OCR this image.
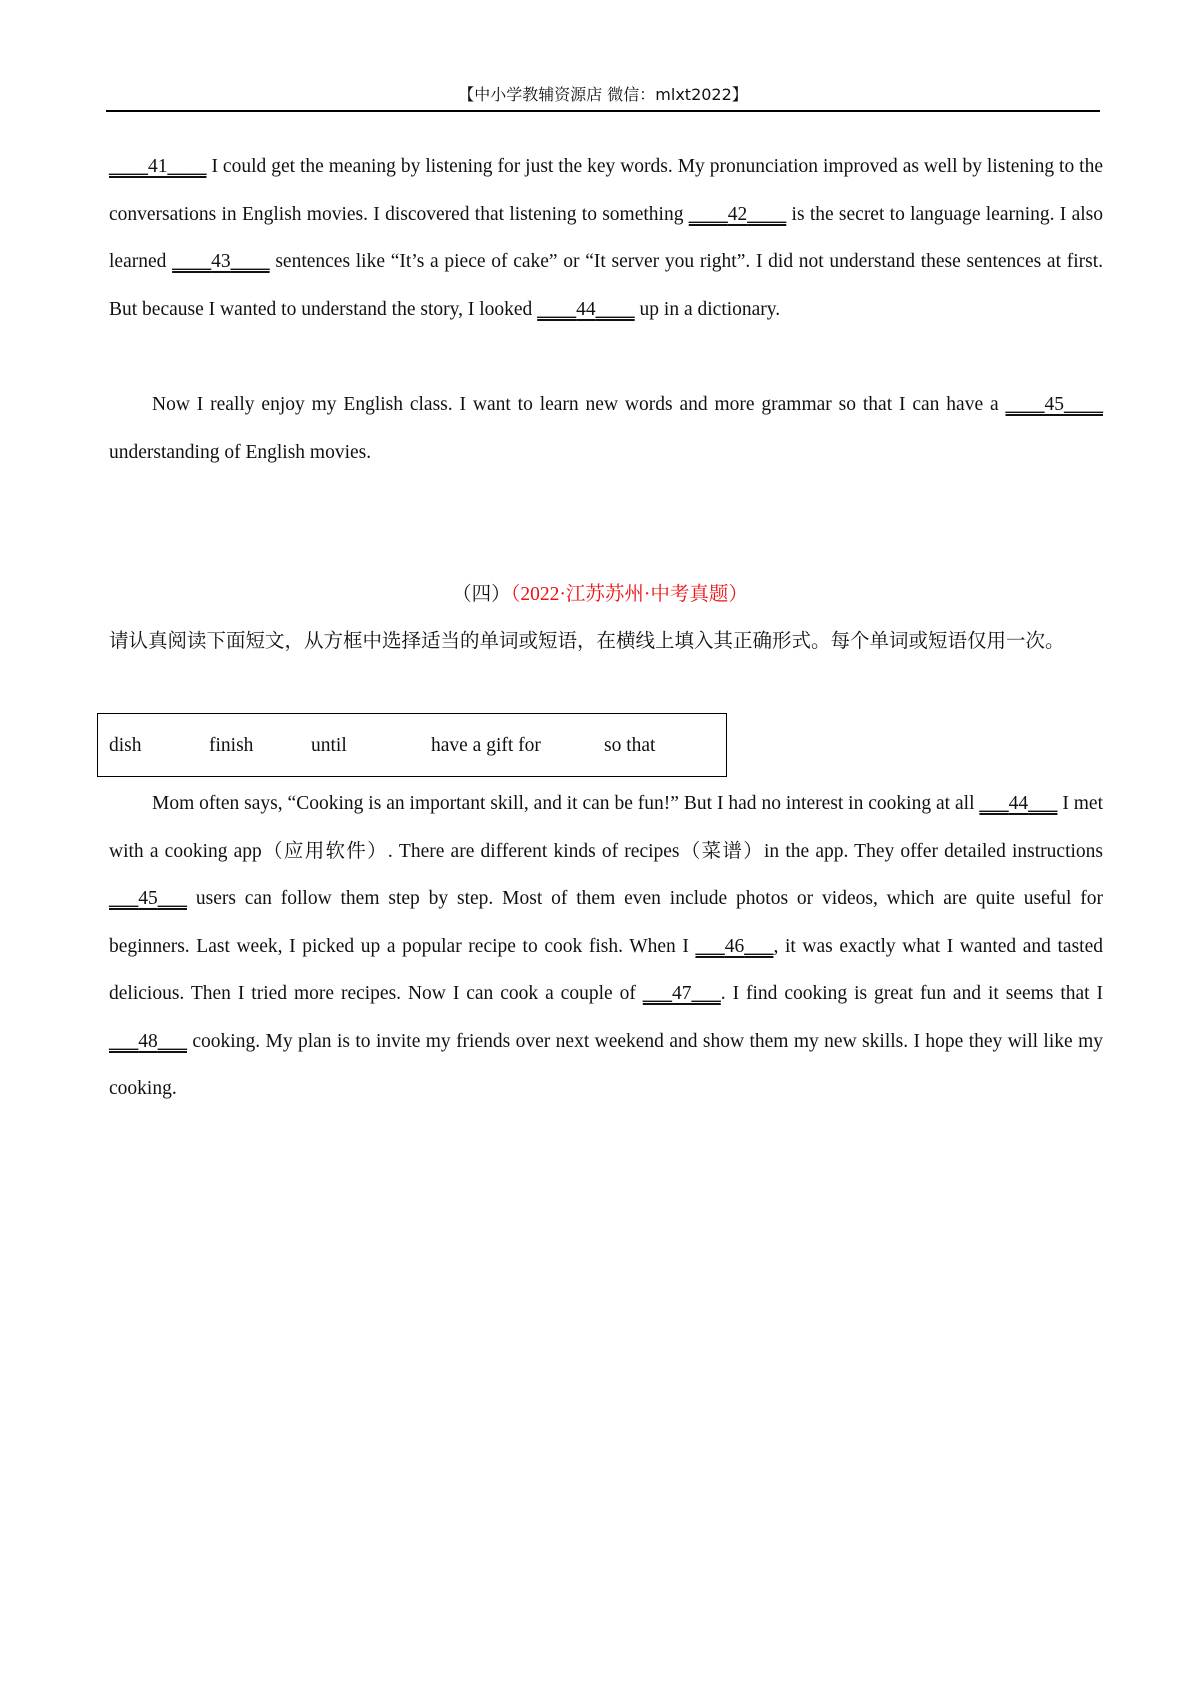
【中小学教辅资源店 微信：mlxt2022】

____41____ I could get the meaning by listening for just the key words. My pronunciation improved as well by listening to the conversations in English movies. I discovered that listening to something ____42____ is the secret to language learning. I also learned ____43____ sentences like “It’s a piece of cake” or “It server you right”. I did not understand these sentences at first. But because I wanted to understand the story, I looked ____44____ up in a dictionary.

Now I really enjoy my English class. I want to learn new words and more grammar so that I can have a ____45____ understanding of English movies.

（四）（2022·江苏苏州·中考真题）

请认真阅读下面短文，从方框中选择适当的单词或短语，在横线上填入其正确形式。每个单词或短语仅用一次。

dish	finish	until	have a gift for	so that

Mom often says, “Cooking is an important skill, and it can be fun!” But I had no interest in cooking at all ___44___ I met with a cooking app（应用软件）. There are different kinds of recipes（菜谱）in the app. They offer detailed instructions ___45___ users can follow them step by step. Most of them even include photos or videos, which are quite useful for beginners. Last week, I picked up a popular recipe to cook fish. When I ___46___, it was exactly what I wanted and tasted delicious. Then I tried more recipes. Now I can cook a couple of ___47___. I find cooking is great fun and it seems that I ___48___ cooking. My plan is to invite my friends over next weekend and show them my new skills. I hope they will like my cooking.
